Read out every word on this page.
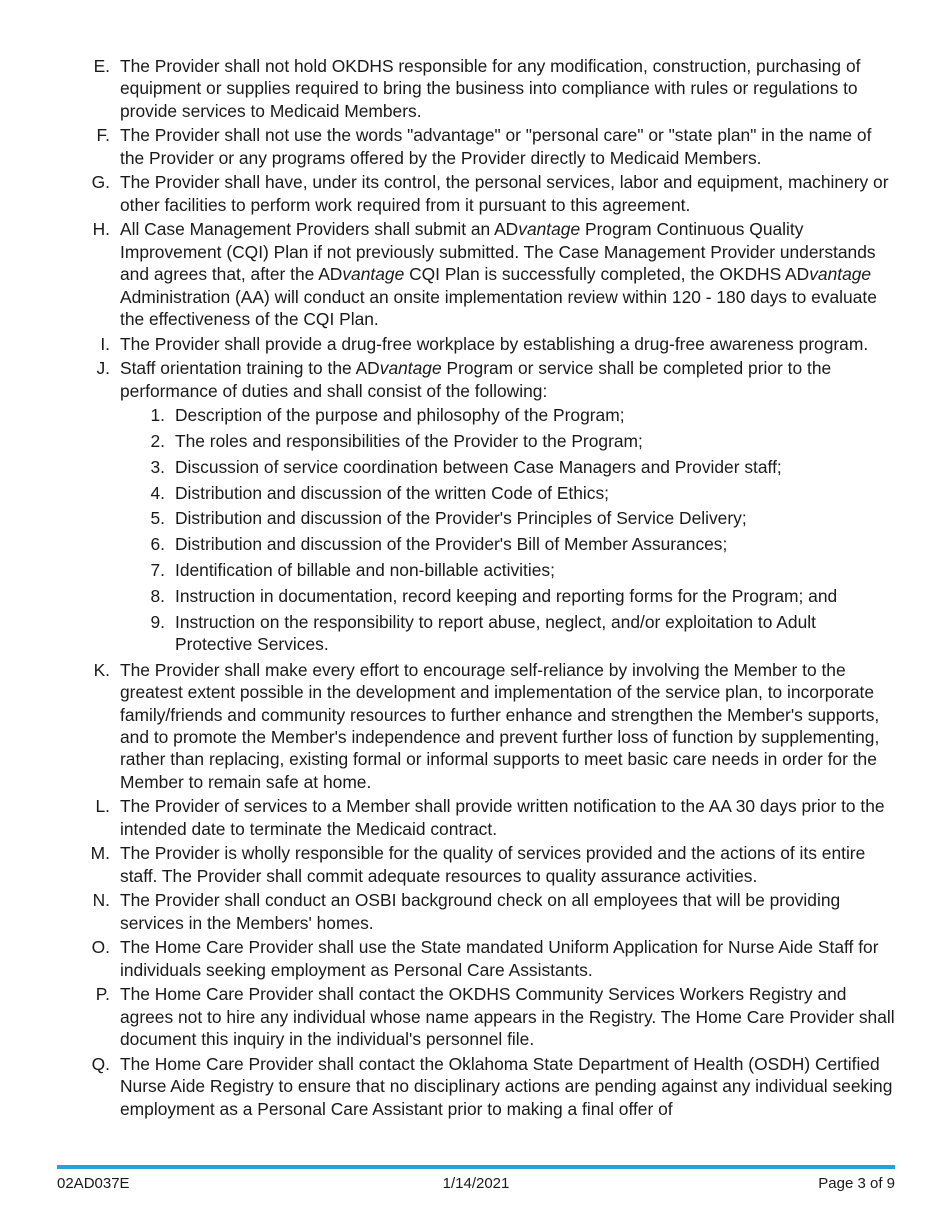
E. The Provider shall not hold OKDHS responsible for any modification, construction, purchasing of equipment or supplies required to bring the business into compliance with rules or regulations to provide services to Medicaid Members.
F. The Provider shall not use the words "advantage" or "personal care" or "state plan" in the name of the Provider or any programs offered by the Provider directly to Medicaid Members.
G. The Provider shall have, under its control, the personal services, labor and equipment, machinery or other facilities to perform work required from it pursuant to this agreement.
H. All Case Management Providers shall submit an ADvantage Program Continuous Quality Improvement (CQI) Plan if not previously submitted. The Case Management Provider understands and agrees that, after the ADvantage CQI Plan is successfully completed, the OKDHS ADvantage Administration (AA) will conduct an onsite implementation review within 120 - 180 days to evaluate the effectiveness of the CQI Plan.
I. The Provider shall provide a drug-free workplace by establishing a drug-free awareness program.
J. Staff orientation training to the ADvantage Program or service shall be completed prior to the performance of duties and shall consist of the following:
1. Description of the purpose and philosophy of the Program;
2. The roles and responsibilities of the Provider to the Program;
3. Discussion of service coordination between Case Managers and Provider staff;
4. Distribution and discussion of the written Code of Ethics;
5. Distribution and discussion of the Provider's Principles of Service Delivery;
6. Distribution and discussion of the Provider's Bill of Member Assurances;
7. Identification of billable and non-billable activities;
8. Instruction in documentation, record keeping and reporting forms for the Program; and
9. Instruction on the responsibility to report abuse, neglect, and/or exploitation to Adult Protective Services.
K. The Provider shall make every effort to encourage self-reliance by involving the Member to the greatest extent possible in the development and implementation of the service plan, to incorporate family/friends and community resources to further enhance and strengthen the Member's supports, and to promote the Member's independence and prevent further loss of function by supplementing, rather than replacing, existing formal or informal supports to meet basic care needs in order for the Member to remain safe at home.
L. The Provider of services to a Member shall provide written notification to the AA 30 days prior to the intended date to terminate the Medicaid contract.
M. The Provider is wholly responsible for the quality of services provided and the actions of its entire staff. The Provider shall commit adequate resources to quality assurance activities.
N. The Provider shall conduct an OSBI background check on all employees that will be providing services in the Members' homes.
O. The Home Care Provider shall use the State mandated Uniform Application for Nurse Aide Staff for individuals seeking employment as Personal Care Assistants.
P. The Home Care Provider shall contact the OKDHS Community Services Workers Registry and agrees not to hire any individual whose name appears in the Registry. The Home Care Provider shall document this inquiry in the individual's personnel file.
Q. The Home Care Provider shall contact the Oklahoma State Department of Health (OSDH) Certified Nurse Aide Registry to ensure that no disciplinary actions are pending against any individual seeking employment as a Personal Care Assistant prior to making a final offer of
02AD037E	1/14/2021	Page 3 of 9
